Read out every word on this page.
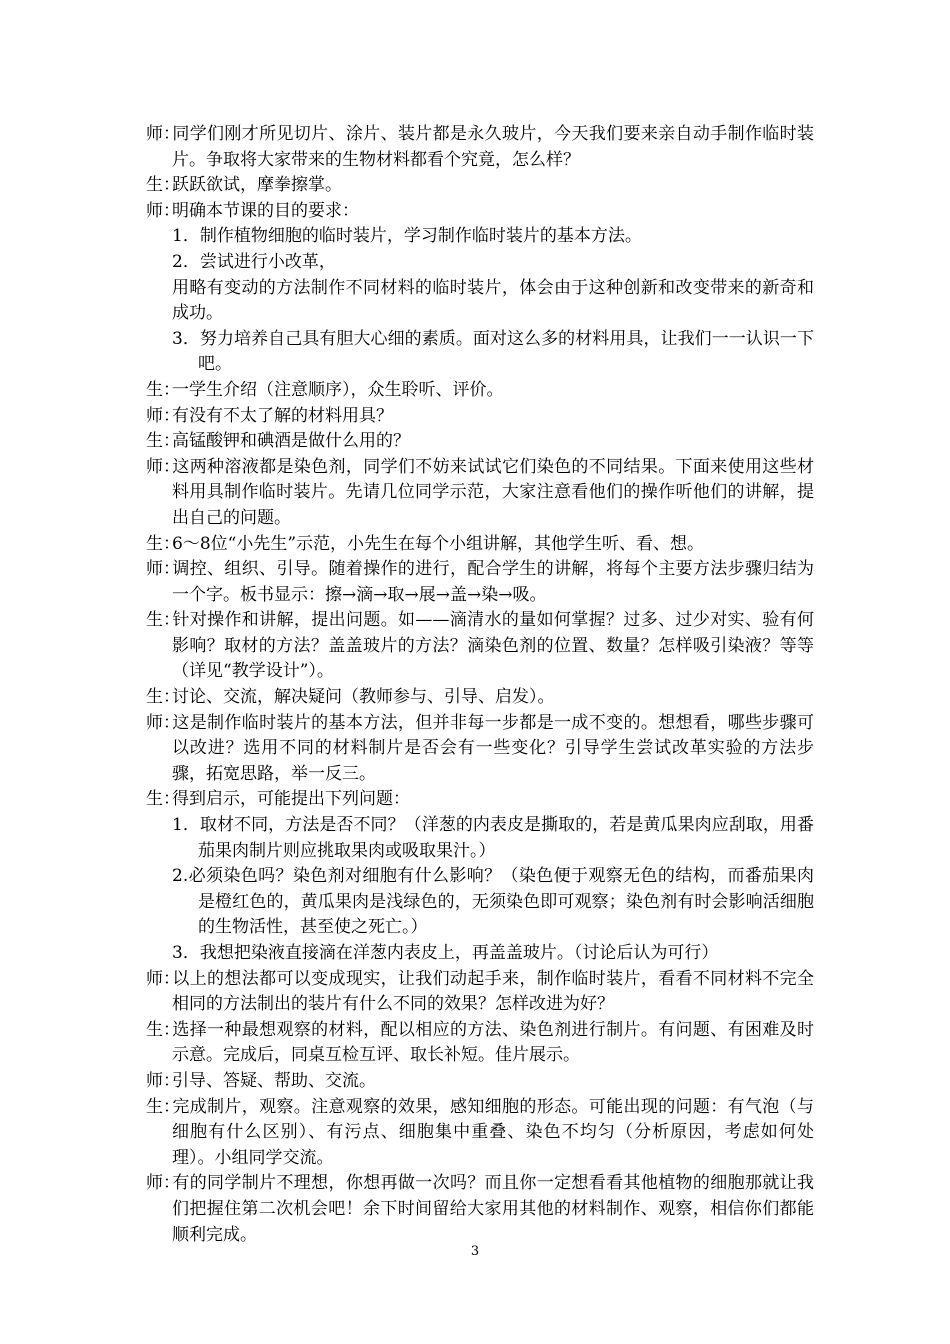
师：同学们刚才所见切片、涂片、装片都是永久玻片，今天我们要来亲自动手制作临时装片。争取将大家带来的生物材料都看个究竟，怎么样？

生：跃跃欲试，摩拳擦掌。

师：明确本节课的目的要求：

1．制作植物细胞的临时装片，学习制作临时装片的基本方法。

2．尝试进行小改革，

用略有变动的方法制作不同材料的临时装片，体会由于这种创新和改变带来的新奇和成功。

3．努力培养自己具有胆大心细的素质。面对这么多的材料用具，让我们一一认识一下吧。

生：一学生介绍（注意顺序），众生聆听、评价。

师：有没有不太了解的材料用具？

生：高锰酸钾和碘酒是做什么用的？

师：这两种溶液都是染色剂，同学们不妨来试试它们染色的不同结果。下面来使用这些材料用具制作临时装片。先请几位同学示范，大家注意看他们的操作听他们的讲解，提出自己的问题。

生：6～8位“小先生”示范，小先生在每个小组讲解，其他学生听、看、想。

师：调控、组织、引导。随着操作的进行，配合学生的讲解，将每个主要方法步骤归结为一个字。板书显示：擦→滴→取→展→盖→染→吸。

生：针对操作和讲解，提出问题。如——滴清水的量如何掌握？过多、过少对实、验有何影响？取材的方法？盖盖玻片的方法？滴染色剂的位置、数量？怎样吸引染液？等等（详见“教学设计”）。

生：讨论、交流，解决疑问（教师参与、引导、启发）。

师：这是制作临时装片的基本方法，但并非每一步都是一成不变的。想想看，哪些步骤可以改进？选用不同的材料制片是否会有一些变化？引导学生尝试改革实验的方法步骤，拓宽思路，举一反三。

生：得到启示，可能提出下列问题：

1．取材不同，方法是否不同？（洋葱的内表皮是撕取的，若是黄瓜果肉应刮取，用番茄果肉制片则应挑取果肉或吸取果汁。）

2.必须染色吗？染色剂对细胞有什么影响？（染色便于观察无色的结构，而番茄果肉是橙红色的，黄瓜果肉是浅绿色的，无须染色即可观察；染色剂有时会影响活细胞的生物活性，甚至使之死亡。）

3．我想把染液直接滴在洋葱内表皮上，再盖盖玻片。（讨论后认为可行）

师：以上的想法都可以变成现实，让我们动起手来，制作临时装片，看看不同材料不完全相同的方法制出的装片有什么不同的效果？怎样改进为好？

生：选择一种最想观察的材料，配以相应的方法、染色剂进行制片。有问题、有困难及时示意。完成后，同桌互检互评、取长补短。佳片展示。

师：引导、答疑、帮助、交流。

生：完成制片，观察。注意观察的效果，感知细胞的形态。可能出现的问题：有气泡（与细胞有什么区别）、有污点、细胞集中重叠、染色不均匀（分析原因，考虑如何处理）。小组同学交流。

师：有的同学制片不理想，你想再做一次吗？而且你一定想看看其他植物的细胞那就让我们把握住第二次机会吧！余下时间留给大家用其他的材料制作、观察，相信你们都能顺利完成。

3
